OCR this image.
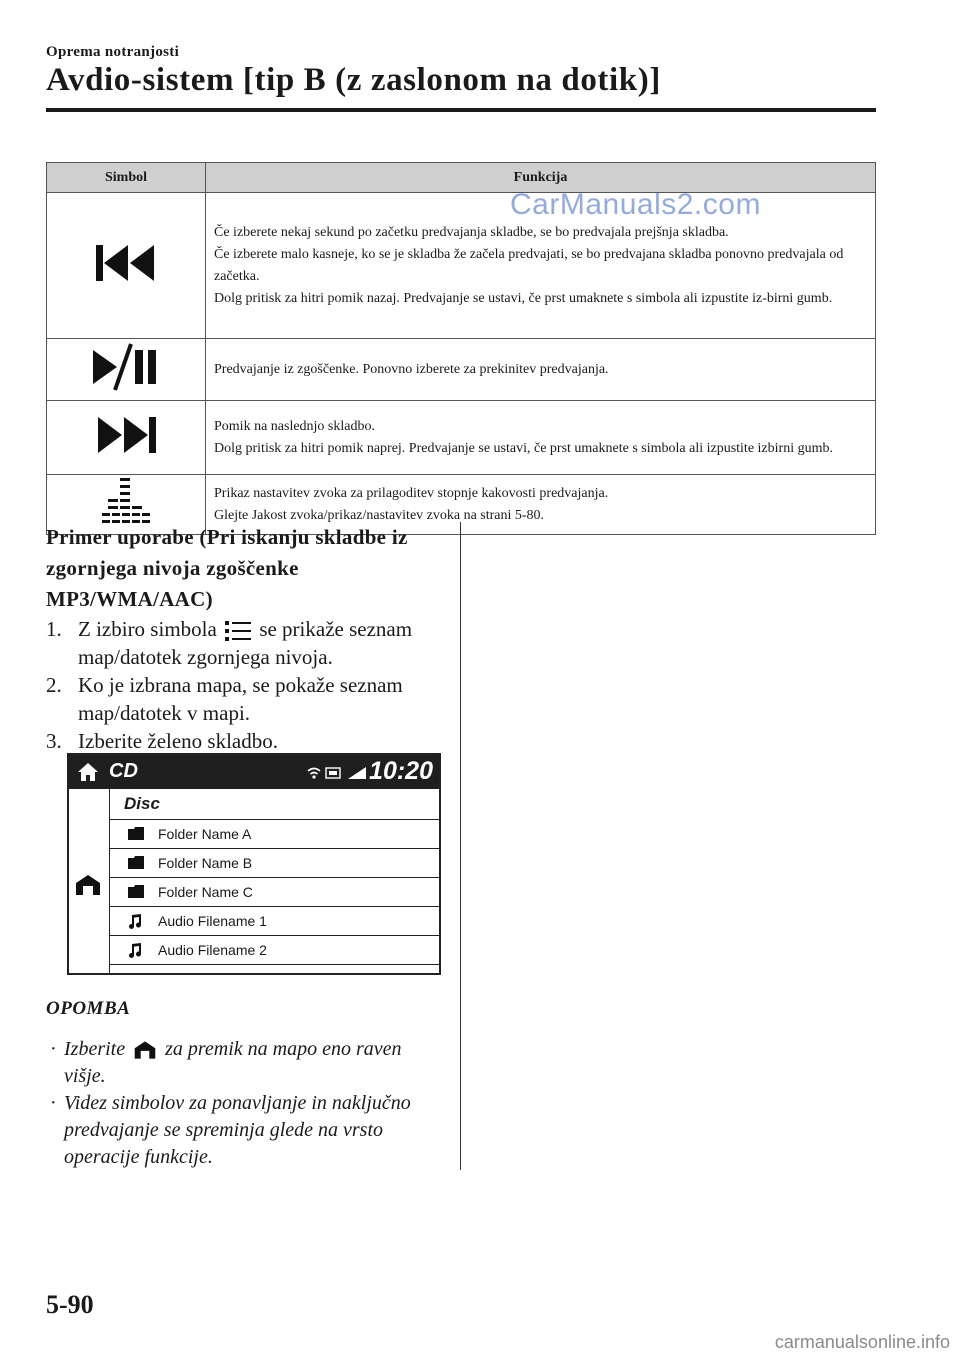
Oprema notranjosti
Avdio-sistem [tip B (z zaslonom na dotik)]
Simbol	Funkcija

Če izberete nekaj sekund po začetku predvajanja skladbe, se bo predvajala prejšnja skladba.
Če izberete malo kasneje, ko se je skladba že začela predvajati, se bo predvajana skladba ponovno predvajala od začetka.
Dolg pritisk za hitri pomik nazaj. Predvajanje se ustavi, če prst umaknete s simbola ali izpustite iz-birni gumb.

Predvajanje iz zgoščenke. Ponovno izberete za prekinitev predvajanja.

Pomik na naslednjo skladbo.
Dolg pritisk za hitri pomik naprej. Predvajanje se ustavi, če prst umaknete s simbola ali izpustite izbirni gumb.

Prikaz nastavitev zvoka za prilagoditev stopnje kakovosti predvajanja.
Glejte Jakost zvoka/prikaz/nastavitev zvoka na strani 5-80.
CarManuals2.com
Primer uporabe (Pri iskanju skladbe iz zgornjega nivoja zgoščenke MP3/WMA/AAC)
1. Z izbiro simbola se prikaže seznam map/datotek zgornjega nivoja.
2. Ko je izbrana mapa, se pokaže seznam map/datotek v mapi.
3. Izberite želeno skladbo.
CD
	10:20
Disc
Folder Name A
Folder Name B
Folder Name C
Audio Filename 1
Audio Filename 2
OPOMBA
· Izberite za premik na mapo eno raven višje.
· Videz simbolov za ponavljanje in naključno predvajanje se spreminja glede na vrsto operacije funkcije.
5-90
carmanualsonline.info
